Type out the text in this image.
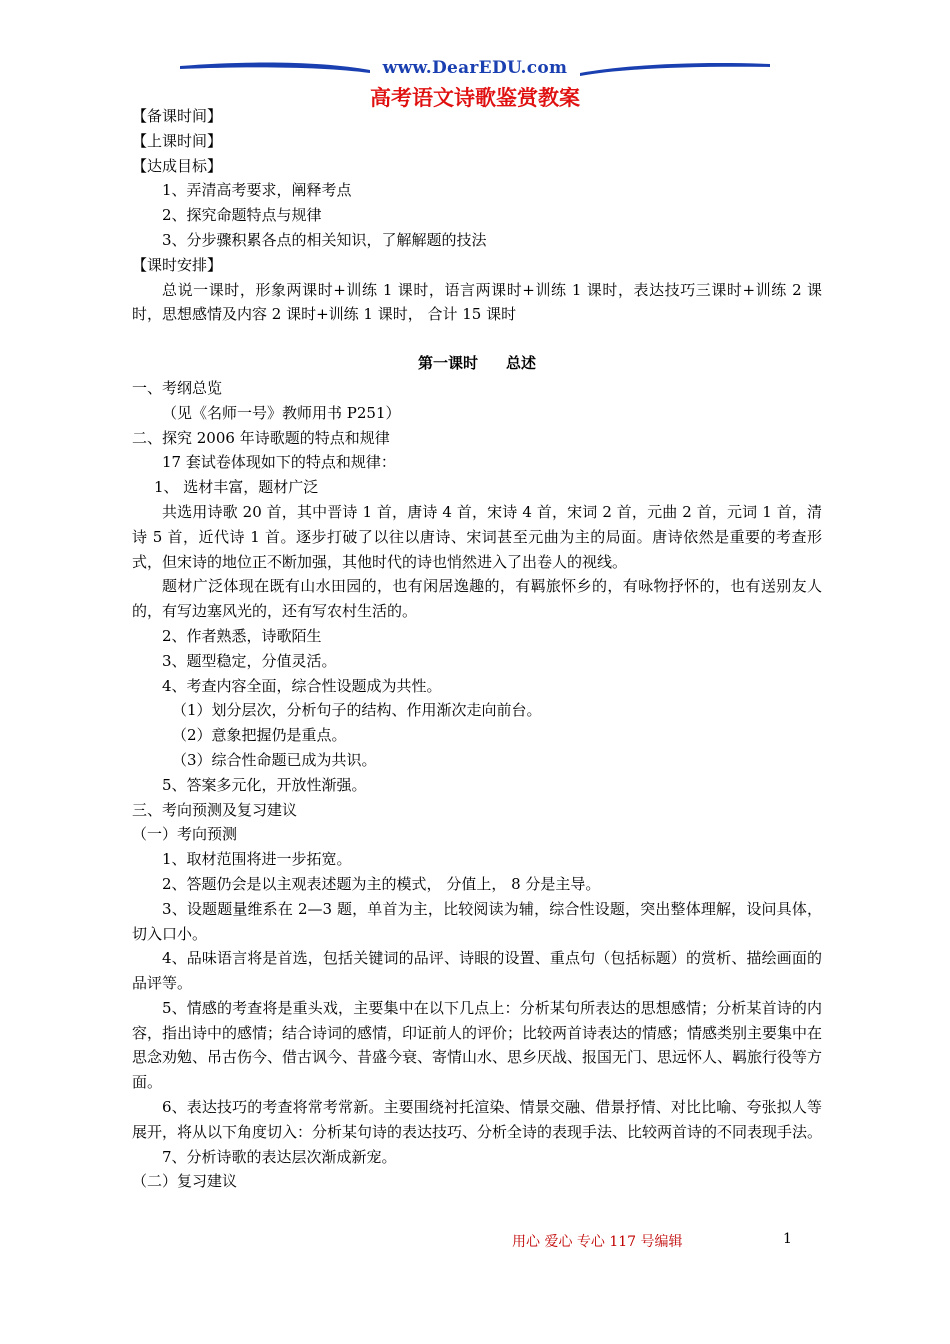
www.DearEDU.com
高考语文诗歌鉴赏教案
【备课时间】
【上课时间】
【达成目标】
1、弄清高考要求，阐释考点
2、探究命题特点与规律
3、分步骤积累各点的相关知识，了解解题的技法
【课时安排】
总说一课时，形象两课时+训练 1 课时，语言两课时+训练 1 课时，表达技巧三课时+训练 2 课时，思想感情及内容 2 课时+训练 1 课时， 合计 15 课时
第一课时 总述
一、考纲总览
（见《名师一号》教师用书 P251）
二、探究 2006 年诗歌题的特点和规律
17 套试卷体现如下的特点和规律：
1、 选材丰富，题材广泛
共选用诗歌 20 首，其中晋诗 1 首，唐诗 4 首，宋诗 4 首，宋词 2 首，元曲 2 首，元词 1 首，清诗 5 首，近代诗 1 首。逐步打破了以往以唐诗、宋词甚至元曲为主的局面。唐诗依然是重要的考查形式，但宋诗的地位正不断加强，其他时代的诗也悄然进入了出卷人的视线。
题材广泛体现在既有山水田园的，也有闲居逸趣的，有羁旅怀乡的，有咏物抒怀的，也有送别友人的，有写边塞风光的，还有写农村生活的。
2、作者熟悉，诗歌陌生
3、题型稳定，分值灵活。
4、考查内容全面，综合性设题成为共性。
（1）划分层次，分析句子的结构、作用渐次走向前台。
（2）意象把握仍是重点。
（3）综合性命题已成为共识。
5、答案多元化，开放性渐强。
三、考向预测及复习建议
（一）考向预测
1、取材范围将进一步拓宽。
2、答题仍会是以主观表述题为主的模式， 分值上， 8 分是主导。
3、设题题量维系在 2—3 题，单首为主，比较阅读为辅，综合性设题，突出整体理解，设问具体，切入口小。
4、品味语言将是首选，包括关键词的品评、诗眼的设置、重点句（包括标题）的赏析、描绘画面的品评等。
5、情感的考查将是重头戏，主要集中在以下几点上：分析某句所表达的思想感情；分析某首诗的内容，指出诗中的感情；结合诗词的感情，印证前人的评价；比较两首诗表达的情感；情感类别主要集中在思念劝勉、吊古伤今、借古讽今、昔盛今衰、寄情山水、思乡厌战、报国无门、思远怀人、羁旅行役等方面。
6、表达技巧的考查将常考常新。主要围绕衬托渲染、情景交融、借景抒情、对比比喻、夸张拟人等展开，将从以下角度切入：分析某句诗的表达技巧、分析全诗的表现手法、比较两首诗的不同表现手法。
7、分析诗歌的表达层次渐成新宠。
（二）复习建议
用心 爱心 专心 117 号编辑	1
